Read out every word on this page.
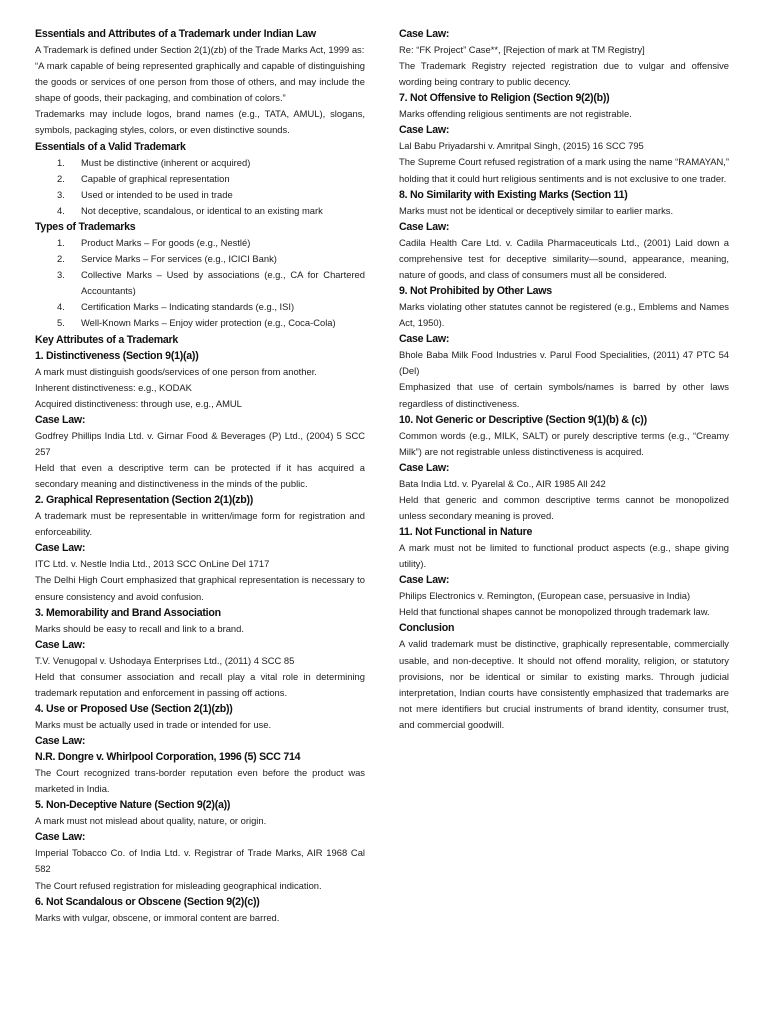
Essentials and Attributes of a Trademark under Indian Law

A Trademark is defined under Section 2(1)(zb) of the Trade Marks Act, 1999 as:

“A mark capable of being represented graphically and capable of distinguishing the goods or services of one person from those of others, and may include the shape of goods, their packaging, and combination of colors.”

Trademarks may include logos, brand names (e.g., TATA, AMUL), slogans, symbols, packaging styles, colors, or even distinctive sounds.

Essentials of a Valid Trademark

1. Must be distinctive (inherent or acquired)
2. Capable of graphical representation
3. Used or intended to be used in trade
4. Not deceptive, scandalous, or identical to an existing mark

Types of Trademarks

1. Product Marks – For goods (e.g., Nestlé)
2. Service Marks – For services (e.g., ICICI Bank)
3. Collective Marks – Used by associations (e.g., CA for Chartered Accountants)
4. Certification Marks – Indicating standards (e.g., ISI)
5. Well-Known Marks – Enjoy wider protection (e.g., Coca-Cola)

Key Attributes of a Trademark

1. Distinctiveness (Section 9(1)(a))

A mark must distinguish goods/services of one person from another.

Inherent distinctiveness: e.g., KODAK

Acquired distinctiveness: through use, e.g., AMUL

Case Law:

Godfrey Phillips India Ltd. v. Girnar Food & Beverages (P) Ltd., (2004) 5 SCC 257

Held that even a descriptive term can be protected if it has acquired a secondary meaning and distinctiveness in the minds of the public.

2. Graphical Representation (Section 2(1)(zb))

A trademark must be representable in written/image form for registration and enforceability.

Case Law:

ITC Ltd. v. Nestle India Ltd., 2013 SCC OnLine Del 1717

The Delhi High Court emphasized that graphical representation is necessary to ensure consistency and avoid confusion.

3. Memorability and Brand Association

Marks should be easy to recall and link to a brand.

Case Law:

T.V. Venugopal v. Ushodaya Enterprises Ltd., (2011) 4 SCC 85

Held that consumer association and recall play a vital role in determining trademark reputation and enforcement in passing off actions.

4. Use or Proposed Use (Section 2(1)(zb))

Marks must be actually used in trade or intended for use.

Case Law:

N.R. Dongre v. Whirlpool Corporation, 1996 (5) SCC 714

The Court recognized trans-border reputation even before the product was marketed in India.

5. Non-Deceptive Nature (Section 9(2)(a))

A mark must not mislead about quality, nature, or origin.

Case Law:

Imperial Tobacco Co. of India Ltd. v. Registrar of Trade Marks, AIR 1968 Cal 582

The Court refused registration for misleading geographical indication.

6. Not Scandalous or Obscene (Section 9(2)(c))

Marks with vulgar, obscene, or immoral content are barred.

Case Law:

Re: “FK Project” Case**, [Rejection of mark at TM Registry]

The Trademark Registry rejected registration due to vulgar and offensive wording being contrary to public decency.

7. Not Offensive to Religion (Section 9(2)(b))

Marks offending religious sentiments are not registrable.

Case Law:

Lal Babu Priyadarshi v. Amritpal Singh, (2015) 16 SCC 795

The Supreme Court refused registration of a mark using the name “RAMAYAN,” holding that it could hurt religious sentiments and is not exclusive to one trader.

8. No Similarity with Existing Marks (Section 11)

Marks must not be identical or deceptively similar to earlier marks.

Case Law:

Cadila Health Care Ltd. v. Cadila Pharmaceuticals Ltd., (2001) Laid down a comprehensive test for deceptive similarity—sound, appearance, meaning, nature of goods, and class of consumers must all be considered.

9. Not Prohibited by Other Laws

Marks violating other statutes cannot be registered (e.g., Emblems and Names Act, 1950).

Case Law:

Bhole Baba Milk Food Industries v. Parul Food Specialities, (2011) 47 PTC 54 (Del)

Emphasized that use of certain symbols/names is barred by other laws regardless of distinctiveness.

10. Not Generic or Descriptive (Section 9(1)(b) & (c))

Common words (e.g., MILK, SALT) or purely descriptive terms (e.g., “Creamy Milk”) are not registrable unless distinctiveness is acquired.

Case Law:

Bata India Ltd. v. Pyarelal & Co., AIR 1985 All 242

Held that generic and common descriptive terms cannot be monopolized unless secondary meaning is proved.

11. Not Functional in Nature

A mark must not be limited to functional product aspects (e.g., shape giving utility).

Case Law:

Philips Electronics v. Remington, (European case, persuasive in India)

Held that functional shapes cannot be monopolized through trademark law.

Conclusion

A valid trademark must be distinctive, graphically representable, commercially usable, and non-deceptive. It should not offend morality, religion, or statutory provisions, nor be identical or similar to existing marks. Through judicial interpretation, Indian courts have consistently emphasized that trademarks are not mere identifiers but crucial instruments of brand identity, consumer trust, and commercial goodwill.
